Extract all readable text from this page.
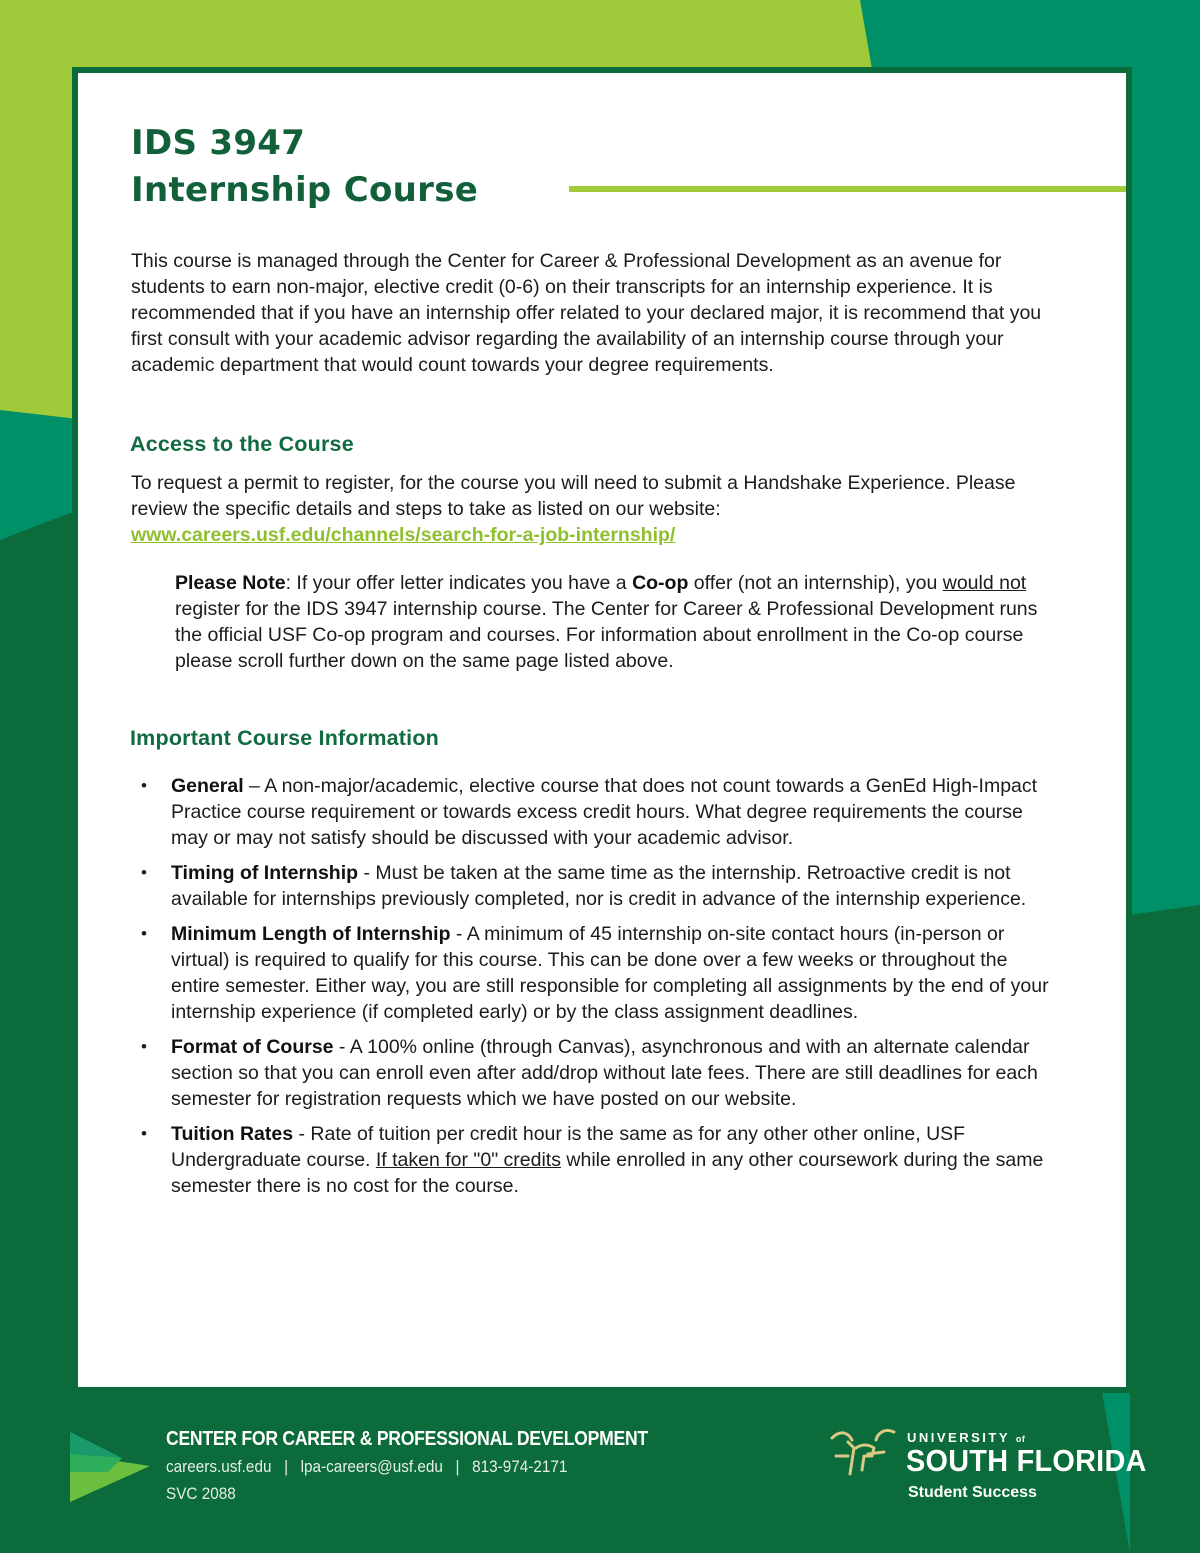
IDS 3947
Internship Course

This course is managed through the Center for Career & Professional Development as an avenue for students to earn non-major, elective credit (0-6) on their transcripts for an internship experience. It is recommended that if you have an internship offer related to your declared major, it is recommend that you first consult with your academic advisor regarding the availability of an internship course through your academic department that would count towards your degree requirements.

Access to the Course

To request a permit to register, for the course you will need to submit a Handshake Experience. Please review the specific details and steps to take as listed on our website:
www.careers.usf.edu/channels/search-for-a-job-internship/

Please Note: If your offer letter indicates you have a Co-op offer (not an internship), you would not register for the IDS 3947 internship course. The Center for Career & Professional Development runs the official USF Co-op program and courses. For information about enrollment in the Co-op course please scroll further down on the same page listed above.

Important Course Information
• General – A non-major/academic, elective course that does not count towards a GenEd High-Impact Practice course requirement or towards excess credit hours. What degree requirements the course may or may not satisfy should be discussed with your academic advisor.
• Timing of Internship - Must be taken at the same time as the internship. Retroactive credit is not available for internships previously completed, nor is credit in advance of the internship experience.
• Minimum Length of Internship - A minimum of 45 internship on-site contact hours (in-person or virtual) is required to qualify for this course. This can be done over a few weeks or throughout the entire semester. Either way, you are still responsible for completing all assignments by the end of your internship experience (if completed early) or by the class assignment deadlines.
• Format of Course - A 100% online (through Canvas), asynchronous and with an alternate calendar section so that you can enroll even after add/drop without late fees. There are still deadlines for each semester for registration requests which we have posted on our website.
• Tuition Rates - Rate of tuition per credit hour is the same as for any other other online, USF Undergraduate course. If taken for "0" credits while enrolled in any other coursework during the same semester there is no cost for the course.

CENTER FOR CAREER & PROFESSIONAL DEVELOPMENT

careers.usf.edu | lpa-careers@usf.edu | 813-974-2171

SVC 2088

UNIVERSITY of

SOUTH FLORIDA

Student Success
